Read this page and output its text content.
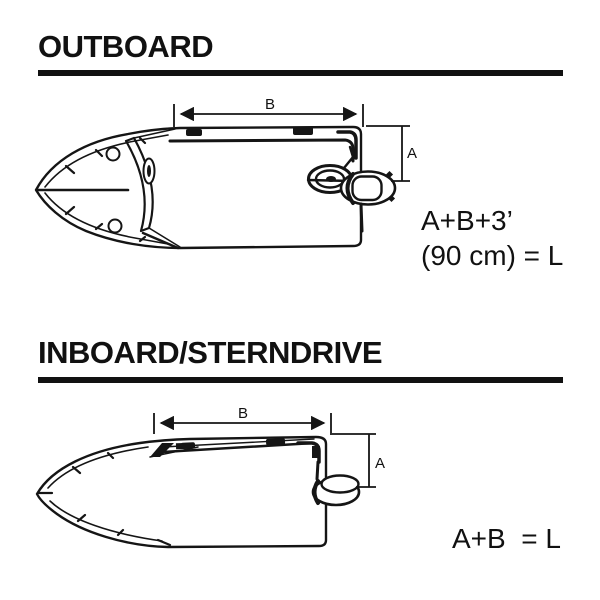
OUTBOARD
INBOARD/STERNDRIVE
A+B+3’
(90 cm) = L
A+B  = L
B
A
B
A
